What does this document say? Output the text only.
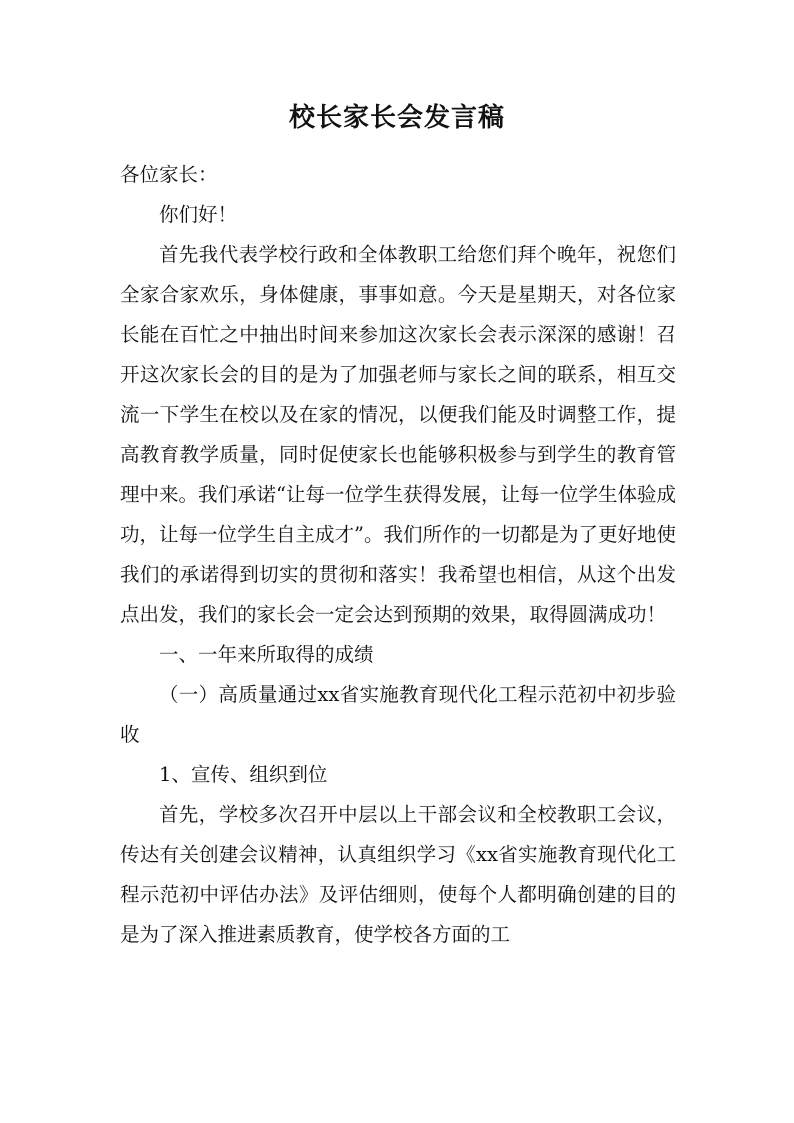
校长家长会发言稿

各位家长：

你们好！

首先我代表学校行政和全体教职工给您们拜个晚年，祝您们全家合家欢乐，身体健康，事事如意。今天是星期天，对各位家长能在百忙之中抽出时间来参加这次家长会表示深深的感谢！召开这次家长会的目的是为了加强老师与家长之间的联系，相互交流一下学生在校以及在家的情况，以便我们能及时调整工作，提高教育教学质量，同时促使家长也能够积极参与到学生的教育管理中来。我们承诺“让每一位学生获得发展，让每一位学生体验成功，让每一位学生自主成才”。我们所作的一切都是为了更好地使我们的承诺得到切实的贯彻和落实！我希望也相信，从这个出发点出发，我们的家长会一定会达到预期的效果，取得圆满成功！

一、一年来所取得的成绩

（一）高质量通过xx省实施教育现代化工程示范初中初步验收

1、宣传、组织到位

首先，学校多次召开中层以上干部会议和全校教职工会议，传达有关创建会议精神，认真组织学习《xx省实施教育现代化工程示范初中评估办法》及评估细则，使每个人都明确创建的目的是为了深入推进素质教育，使学校各方面的工
